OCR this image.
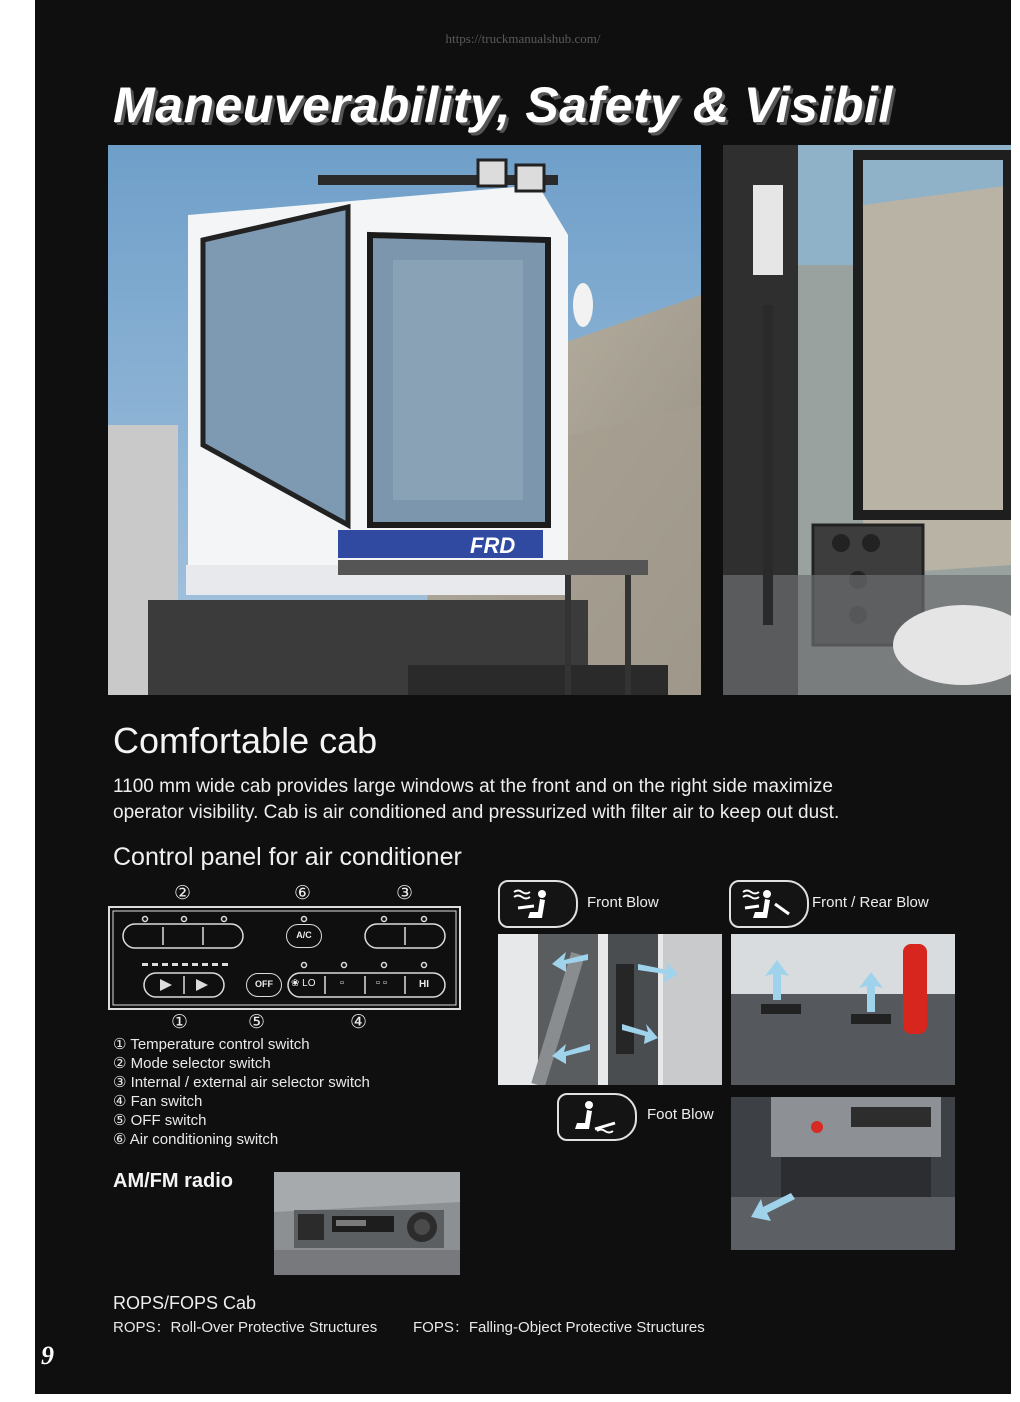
https://truckmanualshub.com/
Maneuverability, Safety & Visibil
FRD
Comfortable cab
1100 mm wide cab provides large windows at the front and on the right side maximize
operator visibility. Cab is air conditioned and pressurized with filter air to keep out dust.
Control panel for air conditioner
②	⑥	③
A/C
OFF	❀ LO ▫	▫ ▫	HI
①	⑤	④
① Temperature control switch
② Mode selector switch
③ Internal / external air selector switch
④ Fan switch
⑤ OFF switch
⑥ Air conditioning switch
AM/FM radio
Front Blow	Front / Rear Blow
Foot Blow
ROPS/FOPS Cab
ROPS：Roll-Over Protective Structures FOPS：Falling-Object Protective Structures
9
